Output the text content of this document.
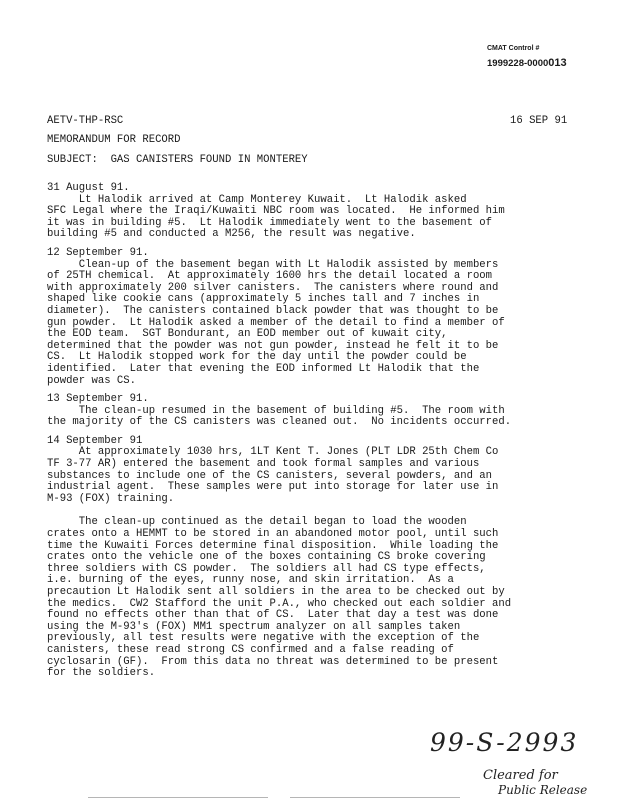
CMAT Control #
1999228-0000013
AETV-THP-RSC	16 SEP 91
MEMORANDUM FOR RECORD
SUBJECT:  GAS CANISTERS FOUND IN MONTEREY
31 August 91.
Lt Halodik arrived at Camp Monterey Kuwait.  Lt Halodik asked
SFC Legal where the Iraqi/Kuwaiti NBC room was located.  He informed him
it was in building #5.  Lt Halodik immediately went to the basement of
building #5 and conducted a M256, the result was negative.
12 September 91.
Clean-up of the basement began with Lt Halodik assisted by members
of 25TH chemical.  At approximately 1600 hrs the detail located a room
with approximately 200 silver canisters.  The canisters where round and
shaped like cookie cans (approximately 5 inches tall and 7 inches in
diameter).  The canisters contained black powder that was thought to be
gun powder.  Lt Halodik asked a member of the detail to find a member of
the EOD team.  SGT Bondurant, an EOD member out of kuwait city,
determined that the powder was not gun powder, instead he felt it to be
CS.  Lt Halodik stopped work for the day until the powder could be
identified.  Later that evening the EOD informed Lt Halodik that the
powder was CS.
13 September 91.
The clean-up resumed in the basement of building #5.  The room with
the majority of the CS canisters was cleaned out.  No incidents occurred.
14 September 91
At approximately 1030 hrs, 1LT Kent T. Jones (PLT LDR 25th Chem Co
TF 3-77 AR) entered the basement and took formal samples and various
substances to include one of the CS canisters, several powders, and an
industrial agent.  These samples were put into storage for later use in
M-93 (FOX) training.
The clean-up continued as the detail began to load the wooden
crates onto a HEMMT to be stored in an abandoned motor pool, until such
time the Kuwaiti Forces determine final disposition.  While loading the
crates onto the vehicle one of the boxes containing CS broke covering
three soldiers with CS powder.  The soldiers all had CS type effects,
i.e. burning of the eyes, runny nose, and skin irritation.  As a
precaution Lt Halodik sent all soldiers in the area to be checked out by
the medics.  CW2 Stafford the unit P.A., who checked out each soldier and
found no effects other than that of CS.  Later that day a test was done
using the M-93's (FOX) MM1 spectrum analyzer on all samples taken
previously, all test results were negative with the exception of the
canisters, these read strong CS confirmed and a false reading of
cyclosarin (GF).  From this data no threat was determined to be present
for the soldiers.
99-S-2993
Cleared for
Public Release
